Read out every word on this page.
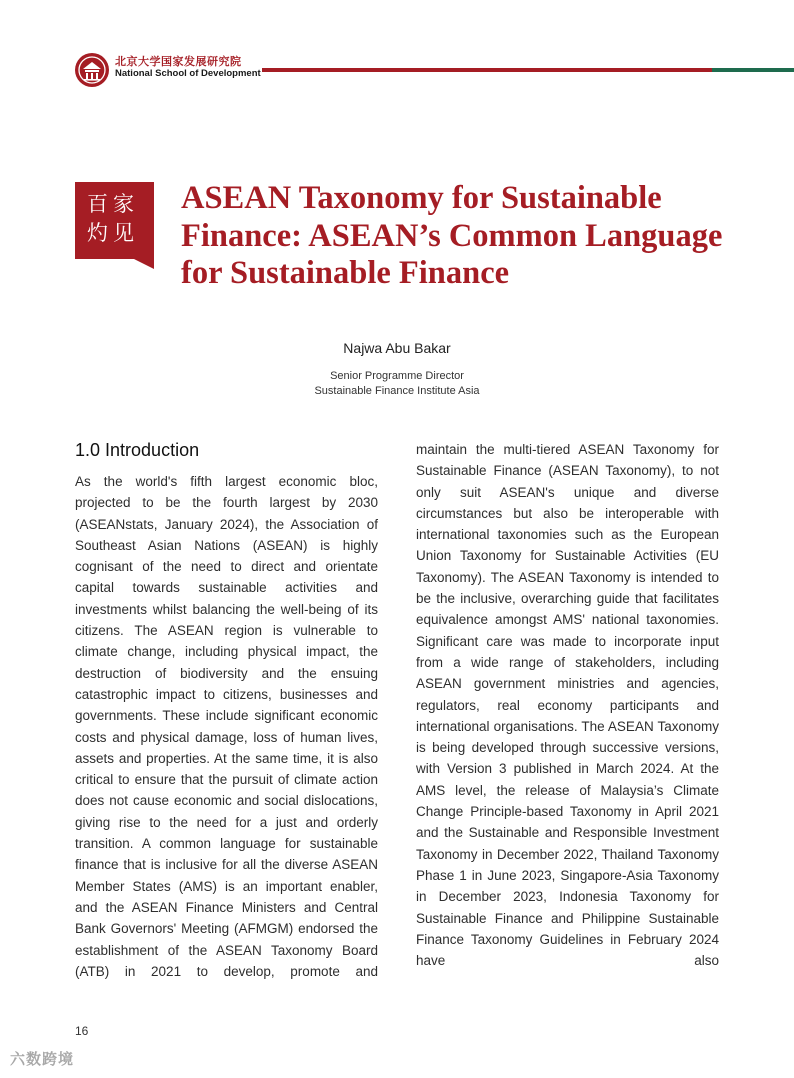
北京大学国家发展研究院
National School of Development
百家
灼见
ASEAN Taxonomy for Sustainable Finance: ASEAN’s Common Language for Sustainable Finance
Najwa Abu Bakar
Senior Programme Director
Sustainable Finance Institute Asia
1.0 Introduction

As the world's fifth largest economic bloc, projected to be the fourth largest by 2030 (ASEANstats, January 2024), the Association of Southeast Asian Nations (ASEAN) is highly cognisant of the need to direct and orientate capital towards sustainable activities and investments whilst balancing the well-being of its citizens. The ASEAN region is vulnerable to climate change, including physical impact, the destruction of biodiversity and the ensuing catastrophic impact to citizens, businesses and governments. These include significant economic costs and physical damage, loss of human lives, assets and properties. At the same time, it is also critical to ensure that the pursuit of climate action does not cause economic and social dislocations, giving rise to the need for a just and orderly transition. A common language for sustainable finance that is inclusive for all the diverse ASEAN Member States (AMS) is an important enabler, and the ASEAN Finance Ministers and Central Bank Governors' Meeting (AFMGM) endorsed the establishment of the ASEAN Taxonomy Board (ATB) in 2021 to develop, promote and

maintain the multi-tiered ASEAN Taxonomy for Sustainable Finance (ASEAN Taxonomy), to not only suit ASEAN's unique and diverse circumstances but also be interoperable with international taxonomies such as the European Union Taxonomy for Sustainable Activities (EU Taxonomy). The ASEAN Taxonomy is intended to be the inclusive, overarching guide that facilitates equivalence amongst AMS' national taxonomies. Significant care was made to incorporate input from a wide range of stakeholders, including ASEAN government ministries and agencies, regulators, real economy participants and international organisations. The ASEAN Taxonomy is being developed through successive versions, with Version 3 published in March 2024. At the AMS level, the release of Malaysia’s Climate Change Principle-based Taxonomy in April 2021 and the Sustainable and Responsible Investment Taxonomy in December 2022, Thailand Taxonomy Phase 1 in June 2023, Singapore-Asia Taxonomy in December 2023, Indonesia Taxonomy for Sustainable Finance and Philippine Sustainable Finance Taxonomy Guidelines in February 2024 have also

16
六数跨境
